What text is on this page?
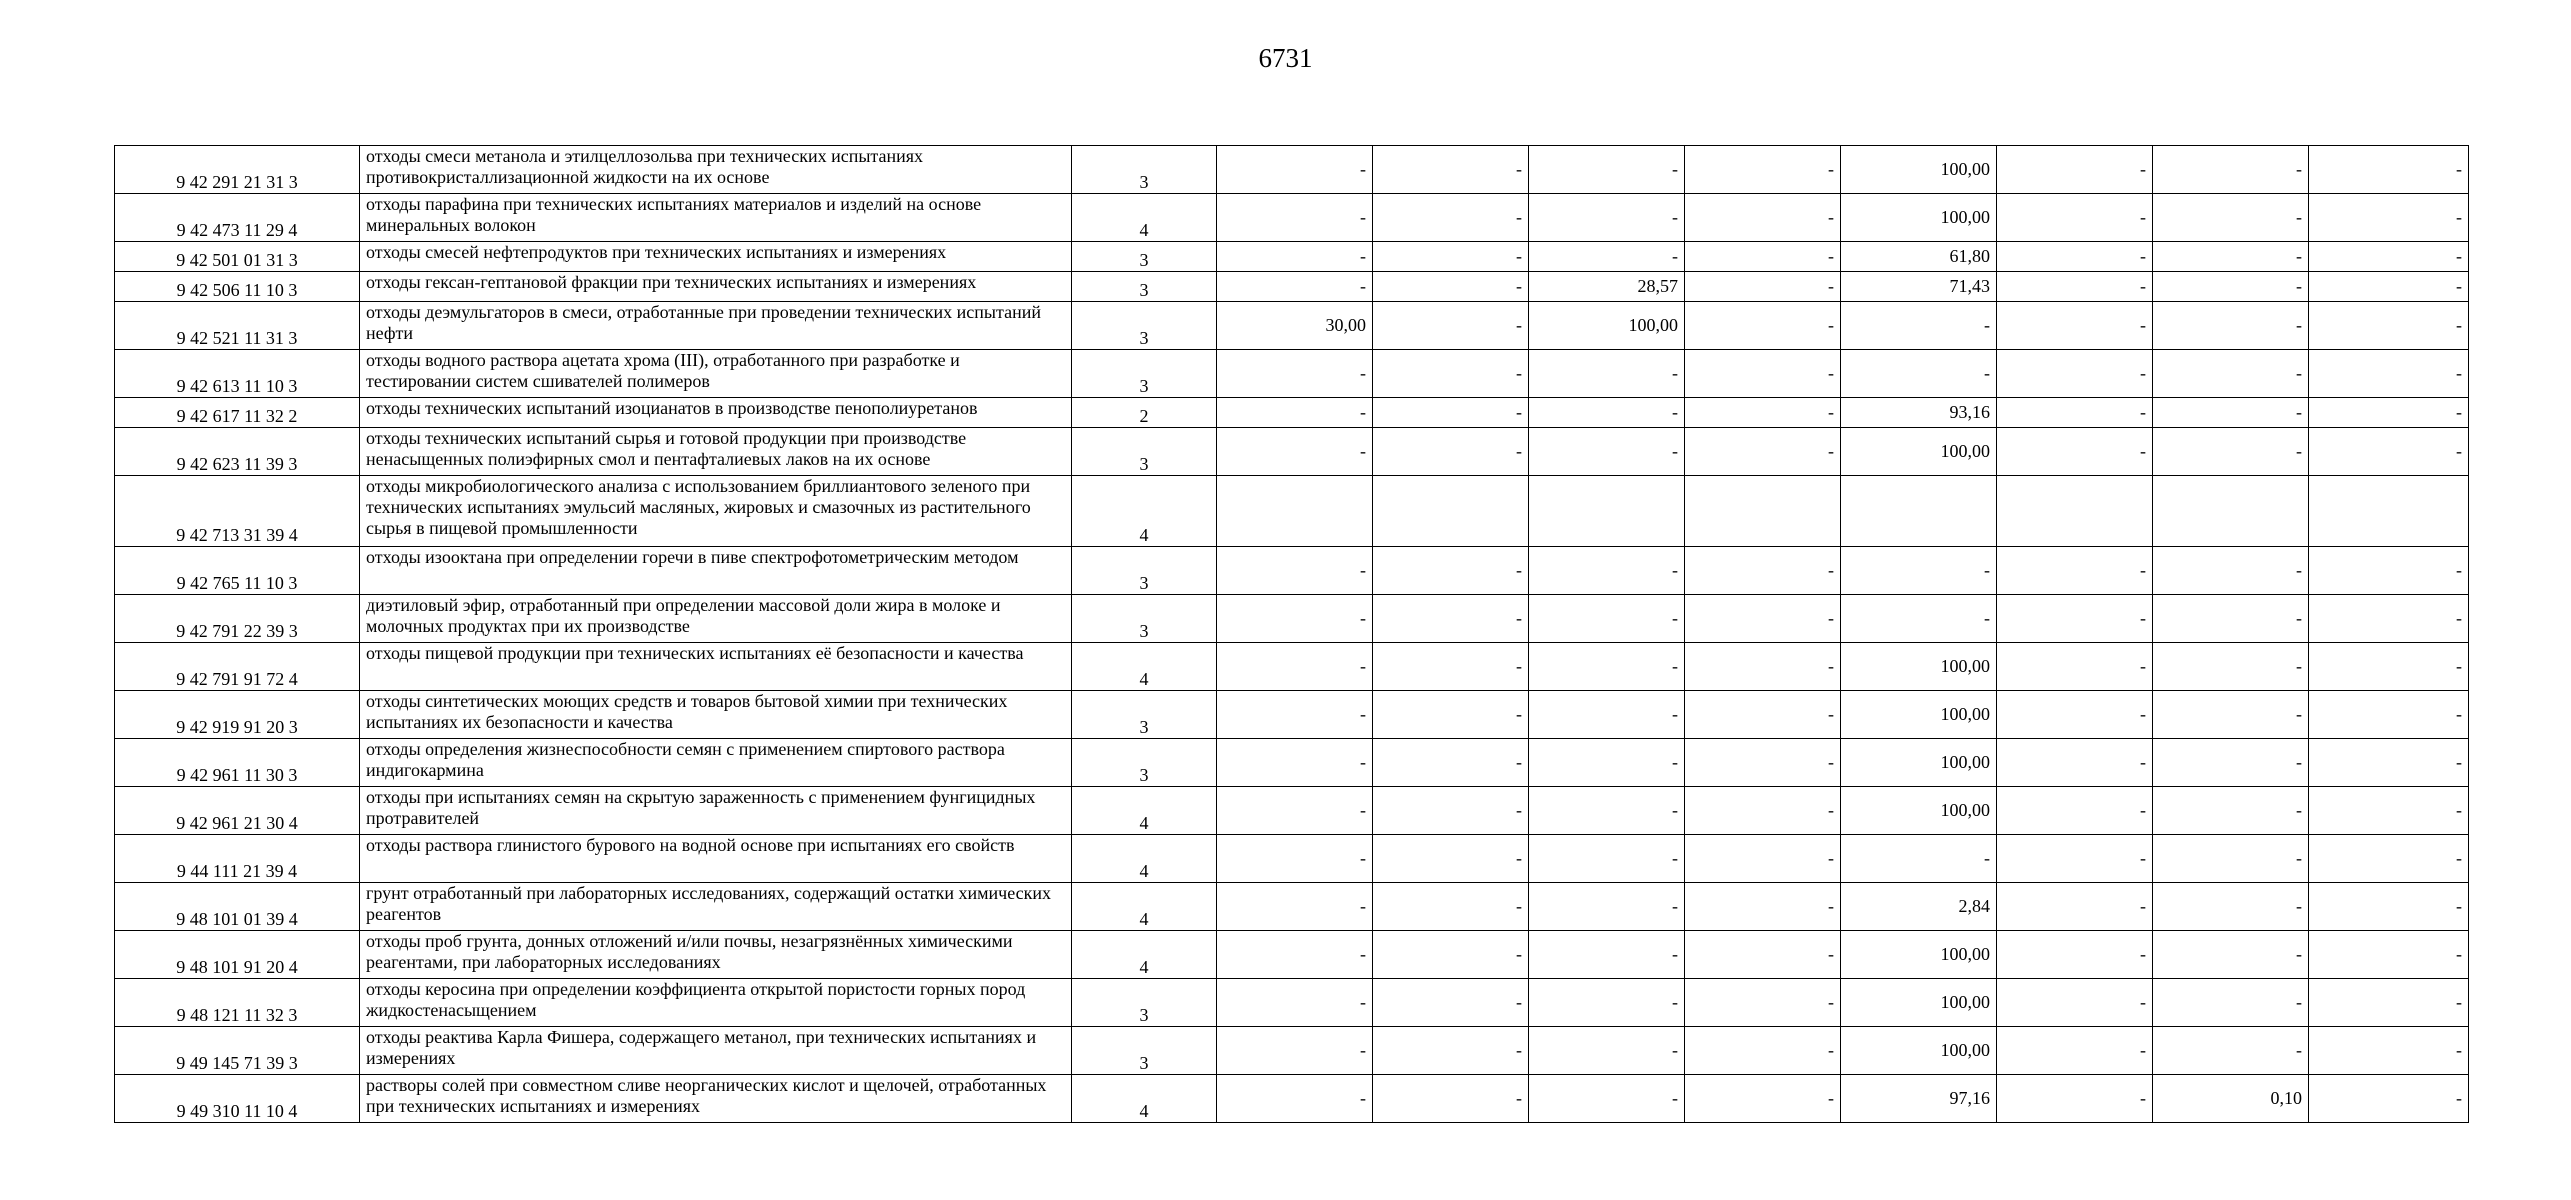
6731
9 42 291 21 31 3	отходы смеси метанола и этилцеллозольва при технических испытаниях противокристаллизационной жидкости на их основе	3	-	-	-	-	100,00	-	-	-
9 42 473 11 29 4	отходы парафина при технических испытаниях материалов и изделий на основе минеральных волокон	4	-	-	-	-	100,00	-	-	-
9 42 501 01 31 3	отходы смесей нефтепродуктов при технических испытаниях и измерениях	3	-	-	-	-	61,80	-	-	-
9 42 506 11 10 3	отходы гексан-гептановой фракции при технических испытаниях и измерениях	3	-	-	28,57	-	71,43	-	-	-
9 42 521 11 31 3	отходы деэмульгаторов в смеси, отработанные при проведении технических испытаний нефти	3	30,00	-	100,00	-	-	-	-	-
9 42 613 11 10 3	отходы водного раствора ацетата хрома (III), отработанного при разработке и тестировании систем сшивателей полимеров	3	-	-	-	-	-	-	-	-
9 42 617 11 32 2	отходы технических испытаний изоцианатов в производстве пенополиуретанов	2	-	-	-	-	93,16	-	-	-
9 42 623 11 39 3	отходы технических испытаний сырья и готовой продукции при производстве ненасыщенных полиэфирных смол и пентафталиевых лаков на их основе	3	-	-	-	-	100,00	-	-	-
9 42 713 31 39 4	отходы микробиологического анализа с использованием бриллиантового зеленого при технических испытаниях эмульсий масляных, жировых и смазочных из растительного сырья в пищевой промышленности	4								
9 42 765 11 10 3	отходы изооктана при определении горечи в пиве спектрофотометрическим методом	3	-	-	-	-	-	-	-	-
9 42 791 22 39 3	диэтиловый эфир, отработанный при определении массовой доли жира в молоке и молочных продуктах при их производстве	3	-	-	-	-	-	-	-	-
9 42 791 91 72 4	отходы пищевой продукции при технических испытаниях её безопасности и качества	4	-	-	-	-	100,00	-	-	-
9 42 919 91 20 3	отходы синтетических моющих средств и товаров бытовой химии при технических испытаниях их безопасности и качества	3	-	-	-	-	100,00	-	-	-
9 42 961 11 30 3	отходы определения жизнеспособности семян с применением спиртового раствора индигокармина	3	-	-	-	-	100,00	-	-	-
9 42 961 21 30 4	отходы при испытаниях семян на скрытую зараженность с применением фунгицидных протравителей	4	-	-	-	-	100,00	-	-	-
9 44 111 21 39 4	отходы раствора глинистого бурового на водной основе при испытаниях его свойств	4	-	-	-	-	-	-	-	-
9 48 101 01 39 4	грунт отработанный при лабораторных исследованиях, содержащий остатки химических реагентов	4	-	-	-	-	2,84	-	-	-
9 48 101 91 20 4	отходы проб грунта, донных отложений и/или почвы, незагрязнённых химическими реагентами, при лабораторных исследованиях	4	-	-	-	-	100,00	-	-	-
9 48 121 11 32 3	отходы керосина при определении коэффициента открытой пористости горных пород жидкостенасыщением	3	-	-	-	-	100,00	-	-	-
9 49 145 71 39 3	отходы реактива Карла Фишера, содержащего метанол, при технических испытаниях и измерениях	3	-	-	-	-	100,00	-	-	-
9 49 310 11 10 4	растворы солей при совместном сливе неорганических кислот и щелочей, отработанных при технических испытаниях и измерениях	4	-	-	-	-	97,16	-	0,10	-
